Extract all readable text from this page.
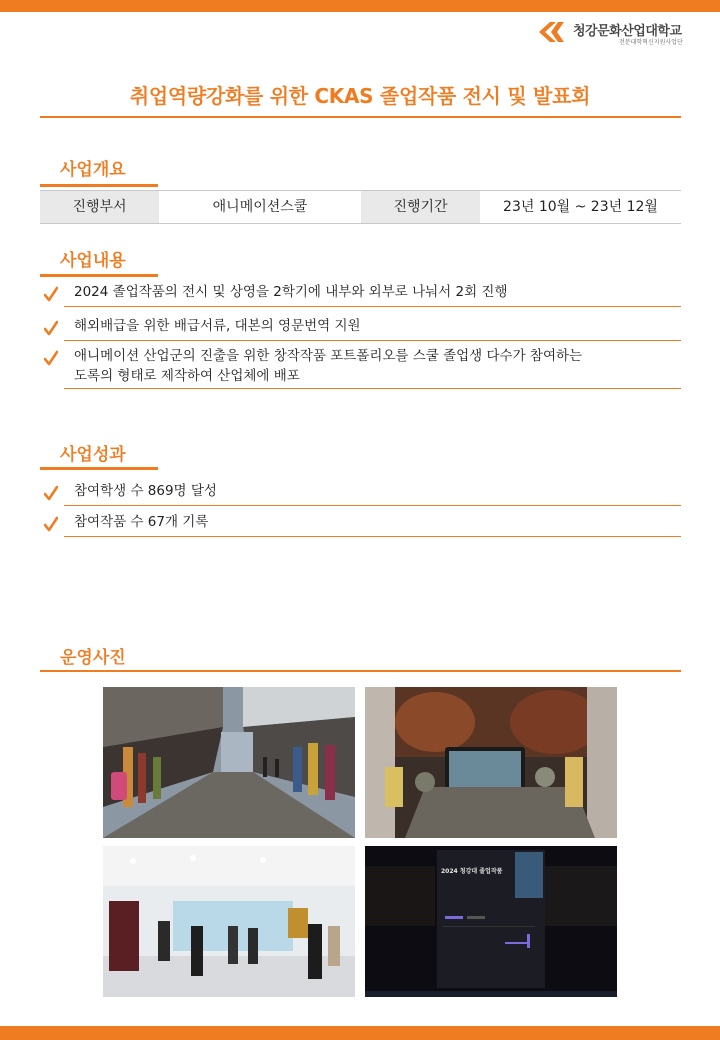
청강문화산업대학교
전문대학혁신지원사업단
취업역량강화를 위한 CKAS 졸업작품 전시 및 발표회
사업개요
진행부서	애니메이션스쿨	진행기간	23년 10월 ~ 23년 12월
사업내용
2024 졸업작품의 전시 및 상영을 2학기에 내부와 외부로 나눠서 2회 진행
해외배급을 위한 배급서류, 대본의 영문번역 지원
애니메이션 산업군의 진출을 위한 창작작품 포트폴리오를 스쿨 졸업생 다수가 참여하는
도록의 형태로 제작하여 산업체에 배포
사업성과
참여학생 수 869명 달성
참여작품 수 67개 기록
운영사진
2024 청강대 졸업작품
